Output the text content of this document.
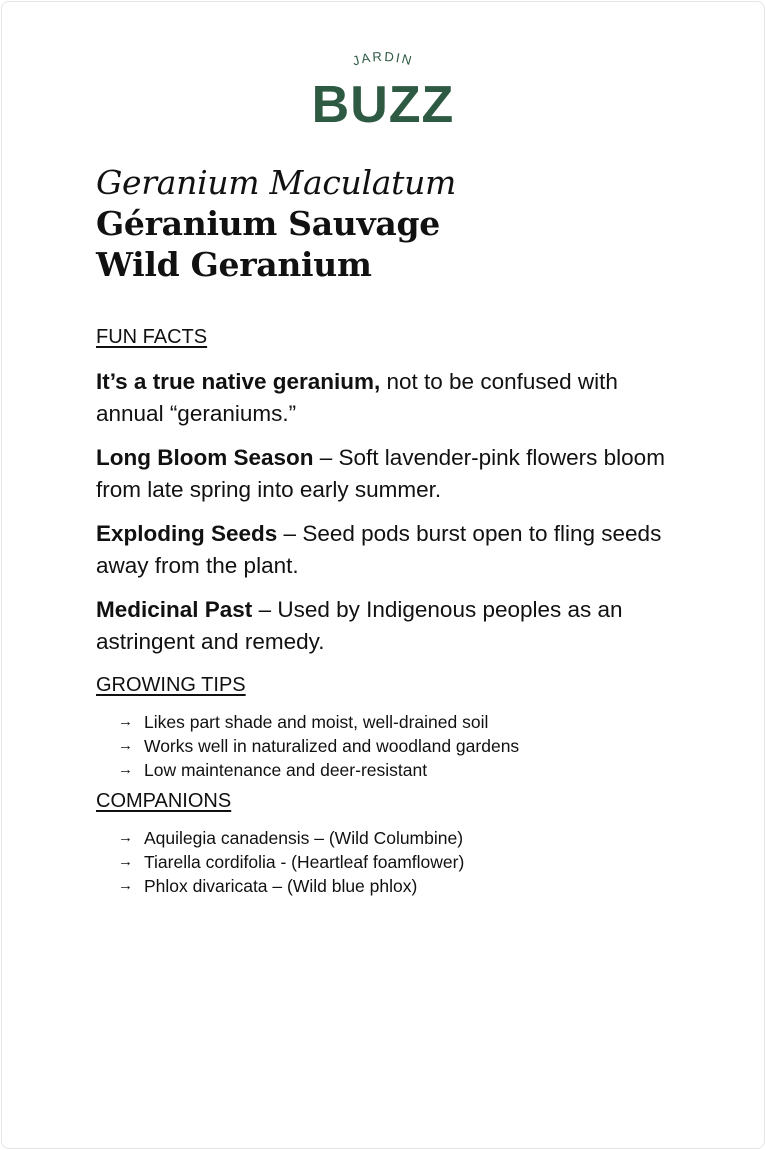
JARDIN
BUZZ
Geranium Maculatum
Géranium Sauvage
Wild Geranium
FUN FACTS
It’s a true native geranium, not to be confused with annual “geraniums.”
Long Bloom Season – Soft lavender-pink flowers bloom from late spring into early summer.
Exploding Seeds – Seed pods burst open to fling seeds away from the plant.
Medicinal Past – Used by Indigenous peoples as an astringent and remedy.
GROWING TIPS
→ Likes part shade and moist, well-drained soil
→ Works well in naturalized and woodland gardens
→ Low maintenance and deer-resistant
COMPANIONS
→ Aquilegia canadensis – (Wild Columbine)
→ Tiarella cordifolia - (Heartleaf foamflower)
→ Phlox divaricata – (Wild blue phlox)
